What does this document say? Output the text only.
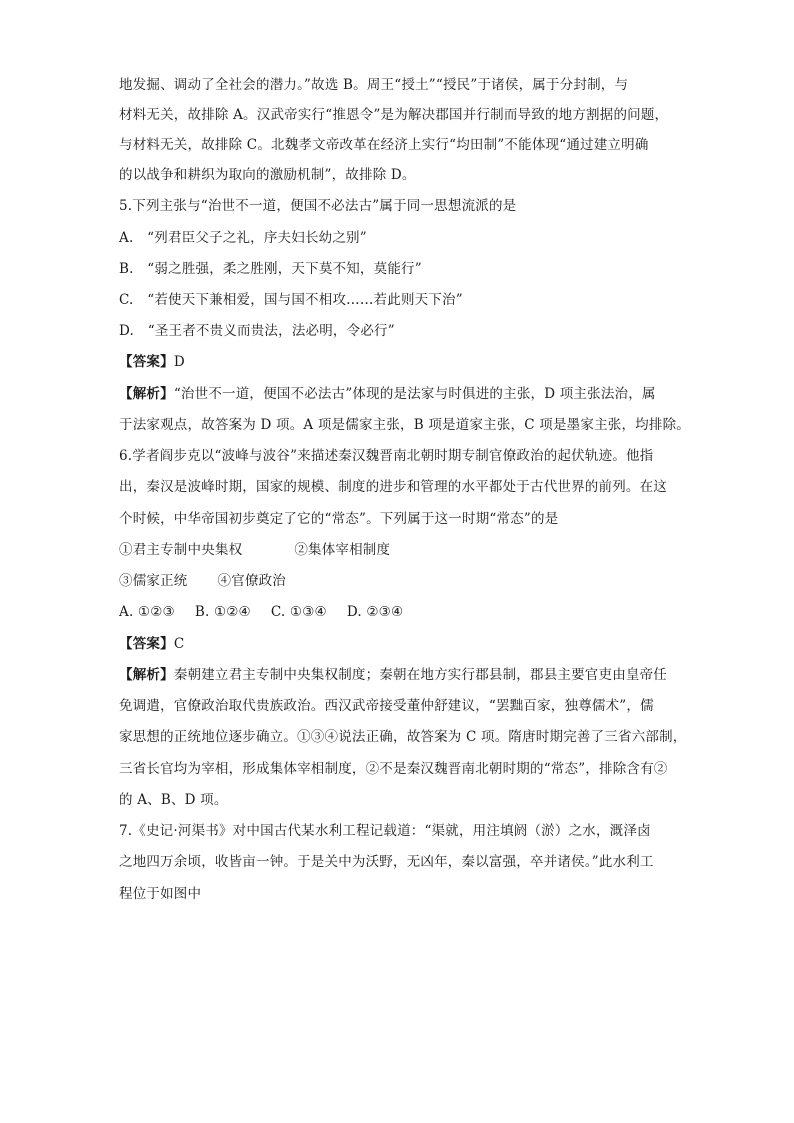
地发掘、调动了全社会的潜力。”故选 B。周王“授土”“授民”于诸侯，属于分封制，与
材料无关，故排除 A。汉武帝实行“推恩令”是为解决郡国并行制而导致的地方割据的问题，
与材料无关，故排除 C。北魏孝文帝改革在经济上实行“均田制”不能体现“通过建立明确
的以战争和耕织为取向的激励机制”，故排除 D。
5.下列主张与“治世不一道，便国不必法古”属于同一思想流派的是
A.　“列君臣父子之礼，序夫妇长幼之别”
B.　“弱之胜强，柔之胜刚，天下莫不知，莫能行”
C.　“若使天下兼相爱，国与国不相攻……若此则天下治”
D.　“圣王者不贵义而贵法，法必明，令必行”
【答案】D
【解析】“治世不一道，便国不必法古”体现的是法家与时俱进的主张，D 项主张法治，属
于法家观点，故答案为 D 项。A 项是儒家主张，B 项是道家主张，C 项是墨家主张，均排除。
6.学者阎步克以“波峰与波谷”来描述秦汉魏晋南北朝时期专制官僚政治的起伏轨迹。他指
出，秦汉是波峰时期，国家的规模、制度的进步和管理的水平都处于古代世界的前列。在这
个时候，中华帝国初步奠定了它的“常态”。下列属于这一时期“常态”的是
①君主专制中央集权	②集体宰相制度
③儒家正统 ④官僚政治
A. ①②③ B. ①②④ C. ①③④ D. ②③④
【答案】C
【解析】秦朝建立君主专制中央集权制度；秦朝在地方实行郡县制，郡县主要官吏由皇帝任
免调遣，官僚政治取代贵族政治。西汉武帝接受董仲舒建议，“罢黜百家，独尊儒术”，儒
家思想的正统地位逐步确立。①③④说法正确，故答案为 C 项。隋唐时期完善了三省六部制，
三省长官均为宰相，形成集体宰相制度，②不是秦汉魏晋南北朝时期的“常态”，排除含有②
的 A、B、D 项。
7.《史记·河渠书》对中国古代某水利工程记载道：“渠就，用注填阏（淤）之水，溉泽卤
之地四万余顷，收皆亩一钟。于是关中为沃野，无凶年，秦以富强，卒并诸侯。”此水利工
程位于如图中
